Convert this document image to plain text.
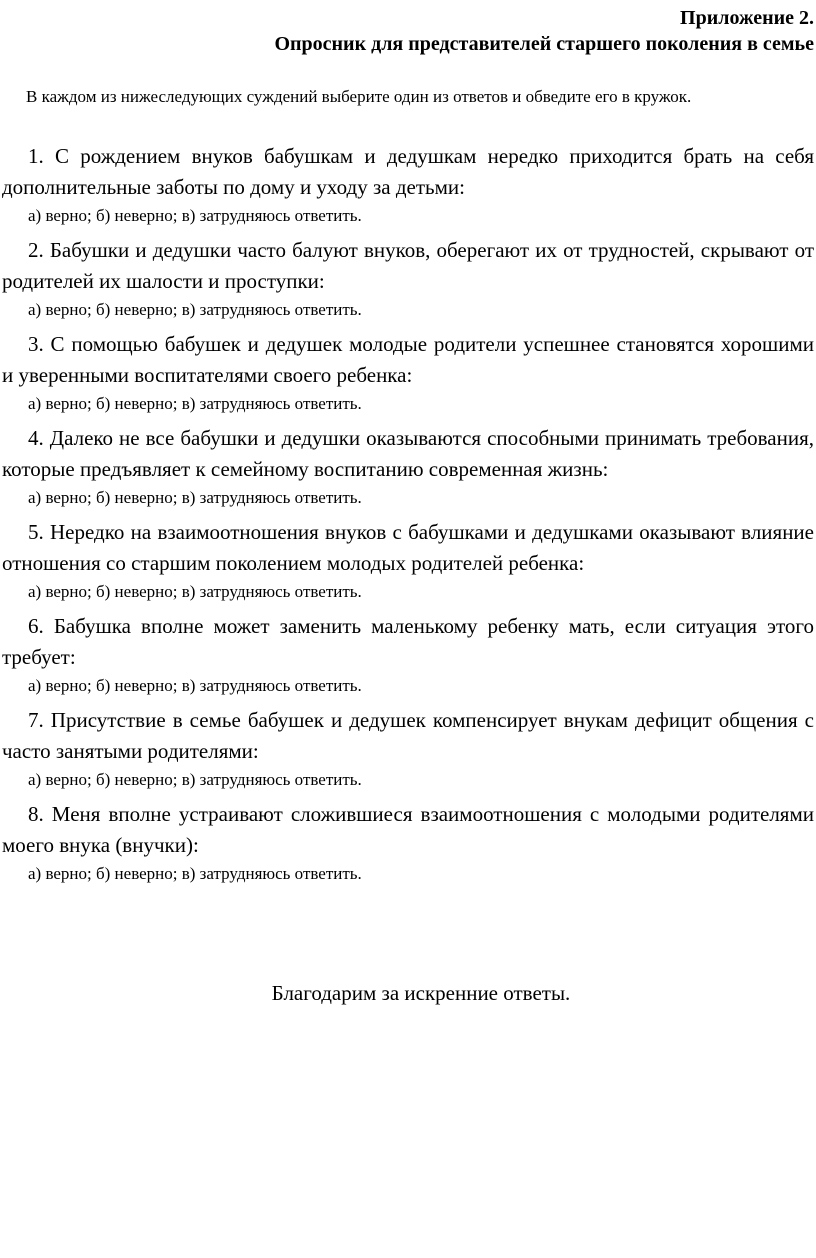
Приложение 2.

Опросник для представителей старшего поколения в семье

В каждом из нижеследующих суждений выберите один из ответов и обведите его в кружок.

1. С рождением внуков бабушкам и дедушкам нередко приходится брать на себя дополнительные заботы по дому и уходу за детьми:

а) верно; б) неверно; в) затрудняюсь ответить.

2. Бабушки и дедушки часто балуют внуков, оберегают их от трудностей, скрывают от родителей их шалости и проступки:

а) верно; б) неверно; в) затрудняюсь ответить.

3. С помощью бабушек и дедушек молодые родители успешнее становятся хорошими и уверенными воспитателями своего ребенка:

а) верно; б) неверно; в) затрудняюсь ответить.

4. Далеко не все бабушки и дедушки оказываются способными принимать требования, которые предъявляет к семейному воспитанию современная жизнь:

а) верно; б) неверно; в) затрудняюсь ответить.

5. Нередко на взаимоотношения внуков с бабушками и дедушками оказывают влияние отношения со старшим поколением молодых родителей ребенка:

а) верно; б) неверно; в) затрудняюсь ответить.

6. Бабушка вполне может заменить маленькому ребенку мать, если ситуация этого требует:

а) верно; б) неверно; в) затрудняюсь ответить.

7. Присутствие в семье бабушек и дедушек компенсирует внукам дефицит общения с часто занятыми родителями:

а) верно; б) неверно; в) затрудняюсь ответить.

8. Меня вполне устраивают сложившиеся взаимоотношения с молодыми родителями моего внука (внучки):

а) верно; б) неверно; в) затрудняюсь ответить.

Благодарим за искренние ответы.
